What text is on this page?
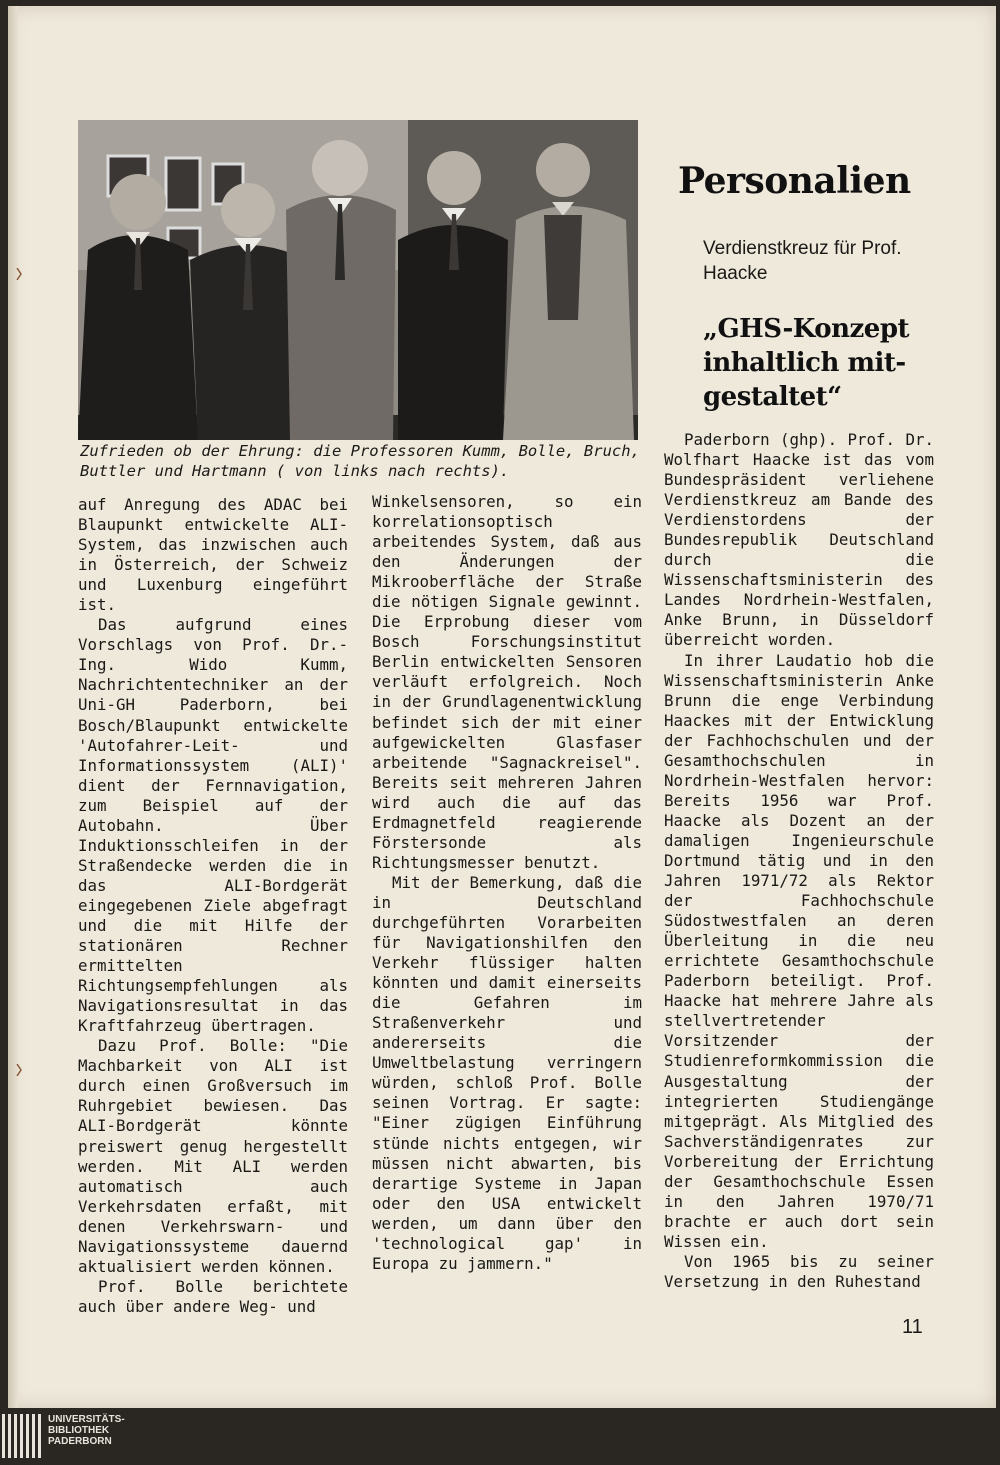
Zufrieden ob der Ehrung: die Professoren Kumm, Bolle, Bruch, Buttler und Hartmann ( von links nach rechts).

Personalien

Verdienstkreuz für Prof. Haacke

„GHS-Konzept inhaltlich mit-gestaltet“

auf Anregung des ADAC bei Blaupunkt entwickelte ALI-System, das inzwischen auch in Österreich, der Schweiz und Luxenburg eingeführt ist.

Das aufgrund eines Vorschlags von Prof. Dr.-Ing. Wido Kumm, Nachrichtentechniker an der Uni-GH Paderborn, bei Bosch/Blaupunkt entwickelte 'Autofahrer-Leit- und Informationssystem (ALI)' dient der Fernnavigation, zum Beispiel auf der Autobahn. Über Induktionsschleifen in der Straßendecke werden die in das ALI-Bordgerät eingegebenen Ziele abgefragt und die mit Hilfe der stationären Rechner ermittelten Richtungsempfehlungen als Navigationsresultat in das Kraftfahrzeug übertragen.

Dazu Prof. Bolle: "Die Machbarkeit von ALI ist durch einen Großversuch im Ruhrgebiet bewiesen. Das ALI-Bordgerät könnte preiswert genug hergestellt werden. Mit ALI werden automatisch auch Verkehrsdaten erfaßt, mit denen Verkehrswarn- und Navigationssysteme dauernd aktualisiert werden können.

Prof. Bolle berichtete auch über andere Weg- und

Winkelsensoren, so ein korrelationsoptisch arbeitendes System, daß aus den Änderungen der Mikrooberfläche der Straße die nötigen Signale gewinnt. Die Erprobung dieser vom Bosch Forschungsinstitut Berlin entwickelten Sensoren verläuft erfolgreich. Noch in der Grundlagenentwicklung befindet sich der mit einer aufgewickelten Glasfaser arbeitende "Sagnackreisel". Bereits seit mehreren Jahren wird auch die auf das Erdmagnetfeld reagierende Förstersonde als Richtungsmesser benutzt.

Mit der Bemerkung, daß die in Deutschland durchgeführten Vorarbeiten für Navigationshilfen den Verkehr flüssiger halten könnten und damit einerseits die Gefahren im Straßenverkehr und andererseits die Umweltbelastung verringern würden, schloß Prof. Bolle seinen Vortrag. Er sagte: "Einer zügigen Einführung stünde nichts entgegen, wir müssen nicht abwarten, bis derartige Systeme in Japan oder den USA entwickelt werden, um dann über den 'technological gap' in Europa zu jammern."

Paderborn (ghp). Prof. Dr. Wolfhart Haacke ist das vom Bundespräsident verliehene Verdienstkreuz am Bande des Verdienstordens der Bundesrepublik Deutschland durch die Wissenschaftsministerin des Landes Nordrhein-Westfalen, Anke Brunn, in Düsseldorf überreicht worden.

In ihrer Laudatio hob die Wissenschaftsministerin Anke Brunn die enge Verbindung Haackes mit der Entwicklung der Fachhochschulen und der Gesamthochschulen in Nordrhein-Westfalen hervor: Bereits 1956 war Prof. Haacke als Dozent an der damaligen Ingenieurschule Dortmund tätig und in den Jahren 1971/72 als Rektor der Fachhochschule Südostwestfalen an deren Überleitung in die neu errichtete Gesamthochschule Paderborn beteiligt. Prof. Haacke hat mehrere Jahre als stellvertretender Vorsitzender der Studienreformkommission die Ausgestaltung der integrierten Studiengänge mitgeprägt. Als Mitglied des Sachverständigenrates zur Vorbereitung der Errichtung der Gesamthochschule Essen in den Jahren 1970/71 brachte er auch dort sein Wissen ein.

Von 1965 bis zu seiner Versetzung in den Ruhestand

11

UNIVERSITÄTS-
BIBLIOTHEK
PADERBORN
